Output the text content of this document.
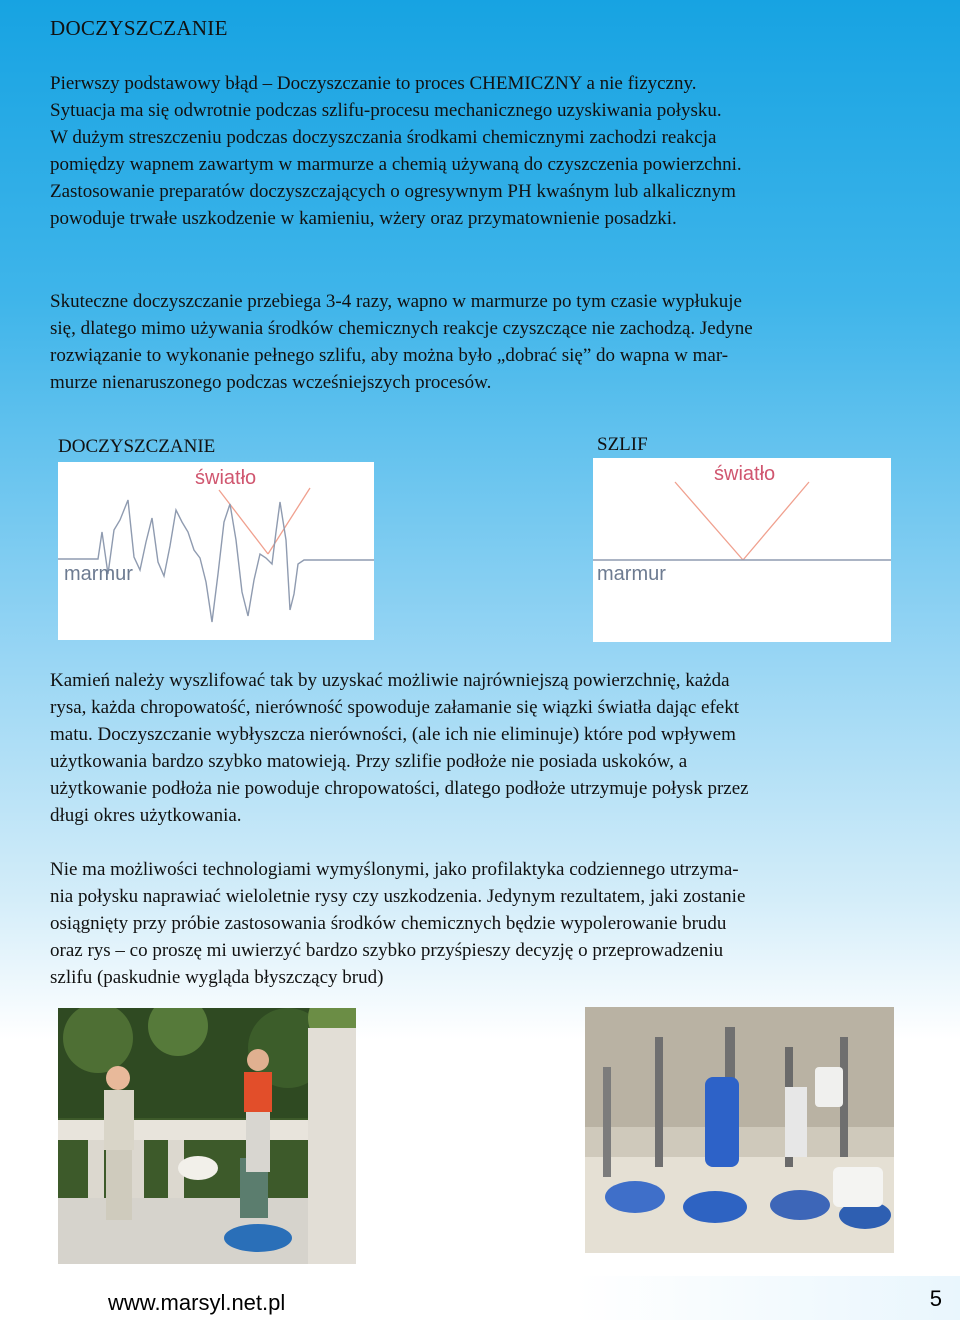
DOCZYSZCZANIE

Pierwszy podstawowy błąd – Doczyszczanie to proces CHEMICZNY a nie fizyczny.
Sytuacja ma się odwrotnie podczas szlifu-procesu mechanicznego uzyskiwania połysku.
W dużym streszczeniu podczas doczyszczania środkami chemicznymi zachodzi reakcja
pomiędzy wapnem zawartym w marmurze a chemią używaną do czyszczenia powierzchni.
Zastosowanie preparatów doczyszczających o ogresywnym PH kwaśnym lub alkalicznym
powoduje trwałe uszkodzenie w kamieniu, wżery oraz przymatownienie posadzki.

Skuteczne doczyszczanie przebiega 3-4 razy, wapno w marmurze po tym czasie wypłukuje
się, dlatego mimo używania środków chemicznych reakcje czyszczące nie zachodzą. Jedyne
rozwiązanie to wykonanie pełnego szlifu, aby można było „dobrać się” do wapna w mar-
murze nienaruszonego podczas wcześniejszych procesów.

DOCZYSZCZANIE
światło
marmur
SZLIF
światło
marmur

Kamień należy wyszlifować tak by uzyskać możliwie najrówniejszą powierzchnię, każda
rysa, każda chropowatość, nierówność spowoduje załamanie się wiązki światła dając efekt
matu. Doczyszczanie wybłyszcza nierówności, (ale ich nie eliminuje) które pod wpływem
użytkowania bardzo szybko matowieją. Przy szlifie podłoże nie posiada uskoków, a
użytkowanie podłoża nie powoduje chropowatości, dlatego podłoże utrzymuje połysk przez
długi okres użytkowania.

Nie ma możliwości technologiami wymyślonymi, jako profilaktyka codziennego utrzyma-
nia połysku naprawiać wieloletnie rysy czy uszkodzenia. Jedynym rezultatem, jaki zostanie
osiągnięty przy próbie zastosowania środków chemicznych będzie wypolerowanie brudu
oraz rys – co proszę mi uwierzyć bardzo szybko przyśpieszy decyzję o przeprowadzeniu
szlifu (paskudnie wygląda błyszczący brud)

www.marsyl.net.pl	5
